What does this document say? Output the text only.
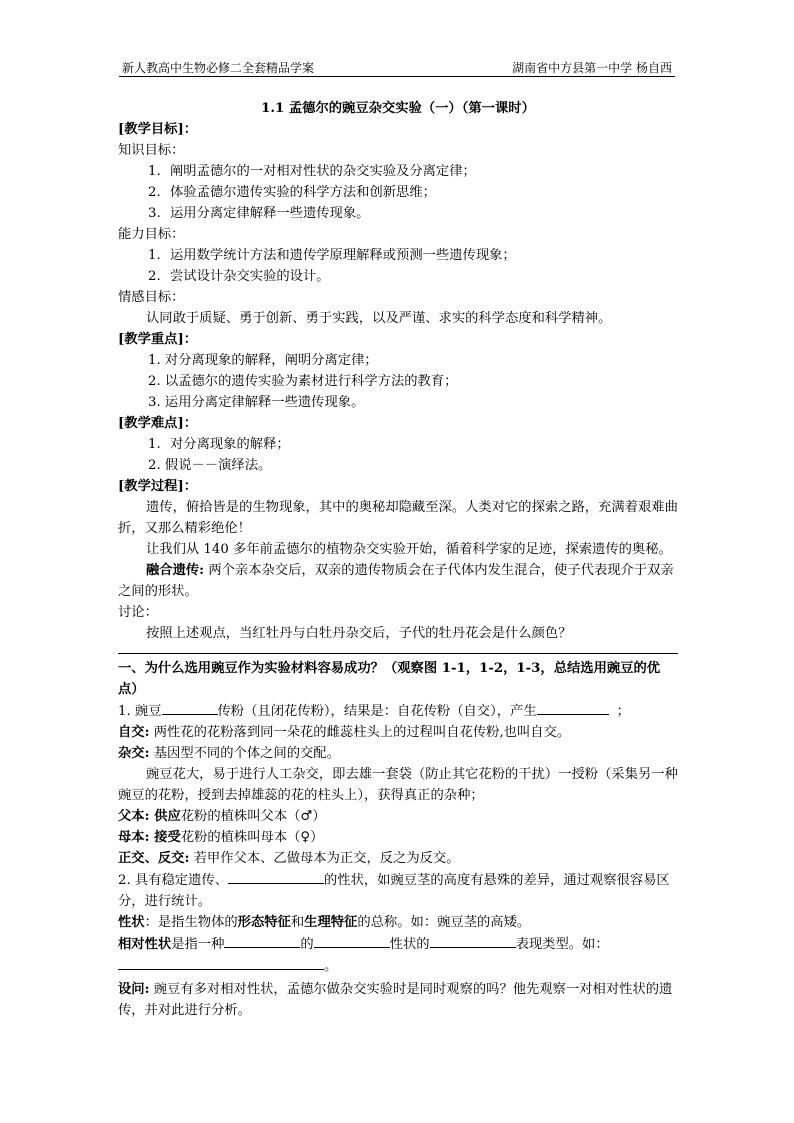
新人教高中生物必修二全套精品学案	湖南省中方县第一中学 杨自西
1.1 孟德尔的豌豆杂交实验（一）（第一课时）
[教学目标]：
知识目标：
1. 阐明孟德尔的一对相对性状的杂交实验及分离定律；
2. 体验孟德尔遗传实验的科学方法和创新思维；
3. 运用分离定律解释一些遗传现象。
能力目标：
1. 运用数学统计方法和遗传学原理解释或预测一些遗传现象；
2. 尝试设计杂交实验的设计。
情感目标：
认同敢于质疑、勇于创新、勇于实践，以及严谨、求实的科学态度和科学精神。
[教学重点]：
1. 对分离现象的解释，阐明分离定律；
2. 以孟德尔的遗传实验为素材进行科学方法的教育；
3. 运用分离定律解释一些遗传现象。
[教学难点]：
1. 对分离现象的解释；
2. 假说－－演绎法。
[教学过程]：
遗传，俯拾皆是的生物现象，其中的奥秘却隐藏至深。人类对它的探索之路，充满着艰难曲折，又那么精彩绝伦！
让我们从 140 多年前孟德尔的植物杂交实验开始，循着科学家的足迹，探索遗传的奥秘。
融合遗传: 两个亲本杂交后，双亲的遗传物质会在子代体内发生混合，使子代表现介于双亲之间的形状。
讨论：
按照上述观点，当红牡丹与白牡丹杂交后，子代的牡丹花会是什么颜色？
一、为什么选用豌豆作为实验材料容易成功？（观察图 1-1，1-2，1-3，总结选用豌豆的优点）
1. 豌豆	传粉（且闭花传粉），结果是：自花传粉（自交），产生	；
自交: 两性花的花粉落到同一朵花的雌蕊柱头上的过程叫自花传粉,也叫自交。
杂交: 基因型不同的个体之间的交配。
豌豆花大，易于进行人工杂交，即去雄一套袋（防止其它花粉的干扰）一授粉（采集另一种豌豆的花粉，授到去掉雄蕊的花的柱头上），获得真正的杂种；
父本: 供应花粉的植株叫父本（♂）
母本: 接受花粉的植株叫母本（♀）
正交、反交: 若甲作父本、乙做母本为正交，反之为反交。
2. 具有稳定遗传、	的性状，如豌豆茎的高度有悬殊的差异，通过观察很容易区分，进行统计。
性状：是指生物体的形态特征和生理特征的总称。如：豌豆茎的高矮。
相对性状是指一种	的	性状的	表现类型。如：
。
设问: 豌豆有多对相对性状，孟德尔做杂交实验时是同时观察的吗？他先观察一对相对性状的遗传，并对此进行分析。
